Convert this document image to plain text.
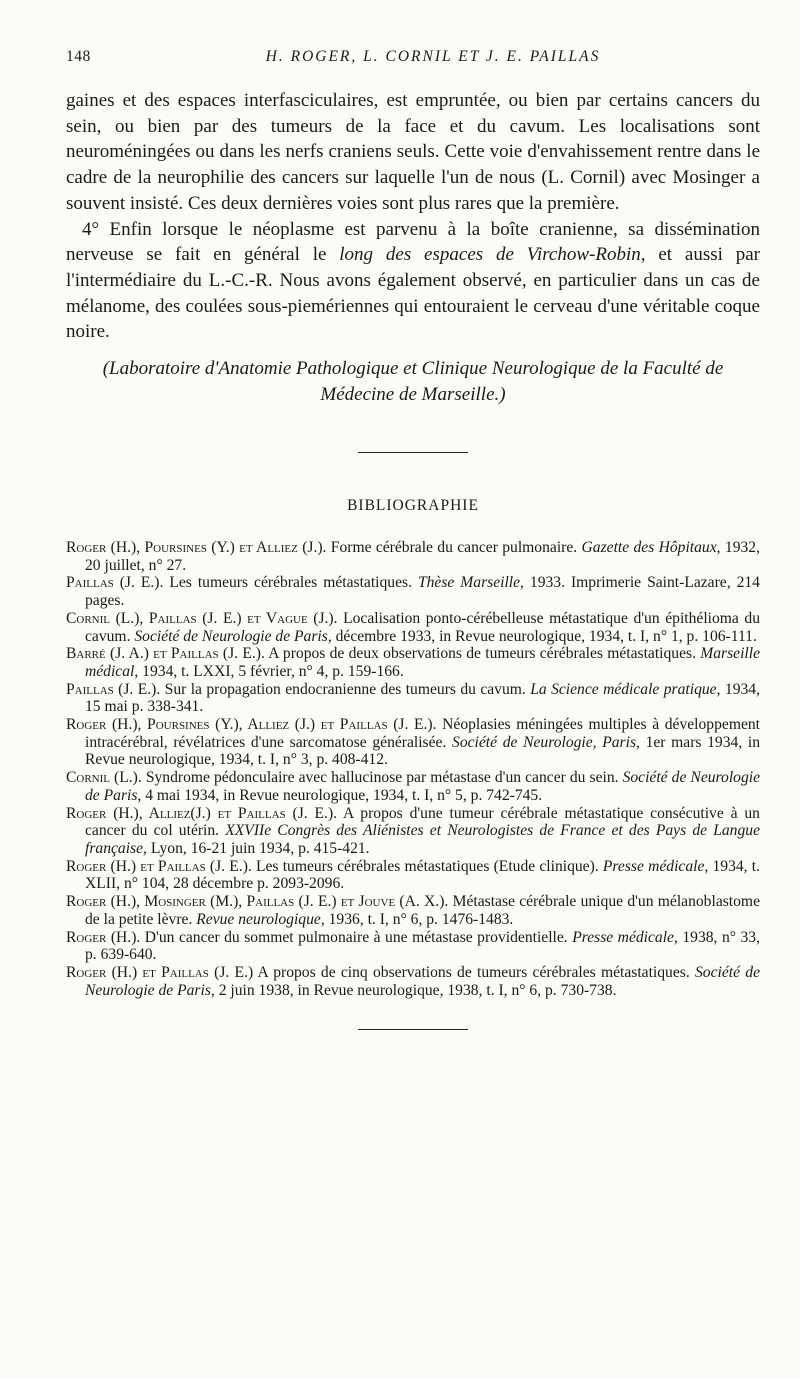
148	H. ROGER, L. CORNIL ET J. E. PAILLAS

gaines et des espaces interfasciculaires, est empruntée, ou bien par certains cancers du sein, ou bien par des tumeurs de la face et du cavum. Les localisations sont neuroméningées ou dans les nerfs craniens seuls. Cette voie d'envahissement rentre dans le cadre de la neurophilie des cancers sur laquelle l'un de nous (L. Cornil) avec Mosinger a souvent insisté. Ces deux dernières voies sont plus rares que la première.

4° Enfin lorsque le néoplasme est parvenu à la boîte cranienne, sa dissémination nerveuse se fait en général le long des espaces de Virchow-Robin, et aussi par l'intermédiaire du L.-C.-R. Nous avons également observé, en particulier dans un cas de mélanome, des coulées sous-piemériennes qui entouraient le cerveau d'une véritable coque noire.

(Laboratoire d'Anatomie Pathologique et Clinique Neurologique de la Faculté de Médecine de Marseille.)
BIBLIOGRAPHIE

Roger (H.), Poursines (Y.) et Alliez (J.). Forme cérébrale du cancer pulmonaire. Gazette des Hôpitaux, 1932, 20 juillet, n° 27.

Paillas (J. E.). Les tumeurs cérébrales métastatiques. Thèse Marseille, 1933. Imprimerie Saint-Lazare, 214 pages.

Cornil (L.), Paillas (J. E.) et Vague (J.). Localisation ponto-cérébelleuse métastatique d'un épithélioma du cavum. Société de Neurologie de Paris, décembre 1933, in Revue neurologique, 1934, t. I, n° 1, p. 106-111.

Barré (J. A.) et Paillas (J. E.). A propos de deux observations de tumeurs cérébrales métastatiques. Marseille médical, 1934, t. LXXI, 5 février, n° 4, p. 159-166.

Paillas (J. E.). Sur la propagation endocranienne des tumeurs du cavum. La Science médicale pratique, 1934, 15 mai p. 338-341.

Roger (H.), Poursines (Y.), Alliez (J.) et Paillas (J. E.). Néoplasies méningées multiples à développement intracérébral, révélatrices d'une sarcomatose généralisée. Société de Neurologie, Paris, 1er mars 1934, in Revue neurologique, 1934, t. I, n° 3, p. 408-412.

Cornil (L.). Syndrome pédonculaire avec hallucinose par métastase d'un cancer du sein. Société de Neurologie de Paris, 4 mai 1934, in Revue neurologique, 1934, t. I, n° 5, p. 742-745.

Roger (H.), Alliez(J.) et Paillas (J. E.). A propos d'une tumeur cérébrale métastatique consécutive à un cancer du col utérin. XXVIIe Congrès des Aliénistes et Neurologistes de France et des Pays de Langue française, Lyon, 16-21 juin 1934, p. 415-421.

Roger (H.) et Paillas (J. E.). Les tumeurs cérébrales métastatiques (Etude clinique). Presse médicale, 1934, t. XLII, n° 104, 28 décembre p. 2093-2096.

Roger (H.), Mosinger (M.), Paillas (J. E.) et Jouve (A. X.). Métastase cérébrale unique d'un mélanoblastome de la petite lèvre. Revue neurologique, 1936, t. I, n° 6, p. 1476-1483.

Roger (H.). D'un cancer du sommet pulmonaire à une métastase providentielle. Presse médicale, 1938, n° 33, p. 639-640.

Roger (H.) et Paillas (J. E.) A propos de cinq observations de tumeurs cérébrales métastatiques. Société de Neurologie de Paris, 2 juin 1938, in Revue neurologique, 1938, t. I, n° 6, p. 730-738.
